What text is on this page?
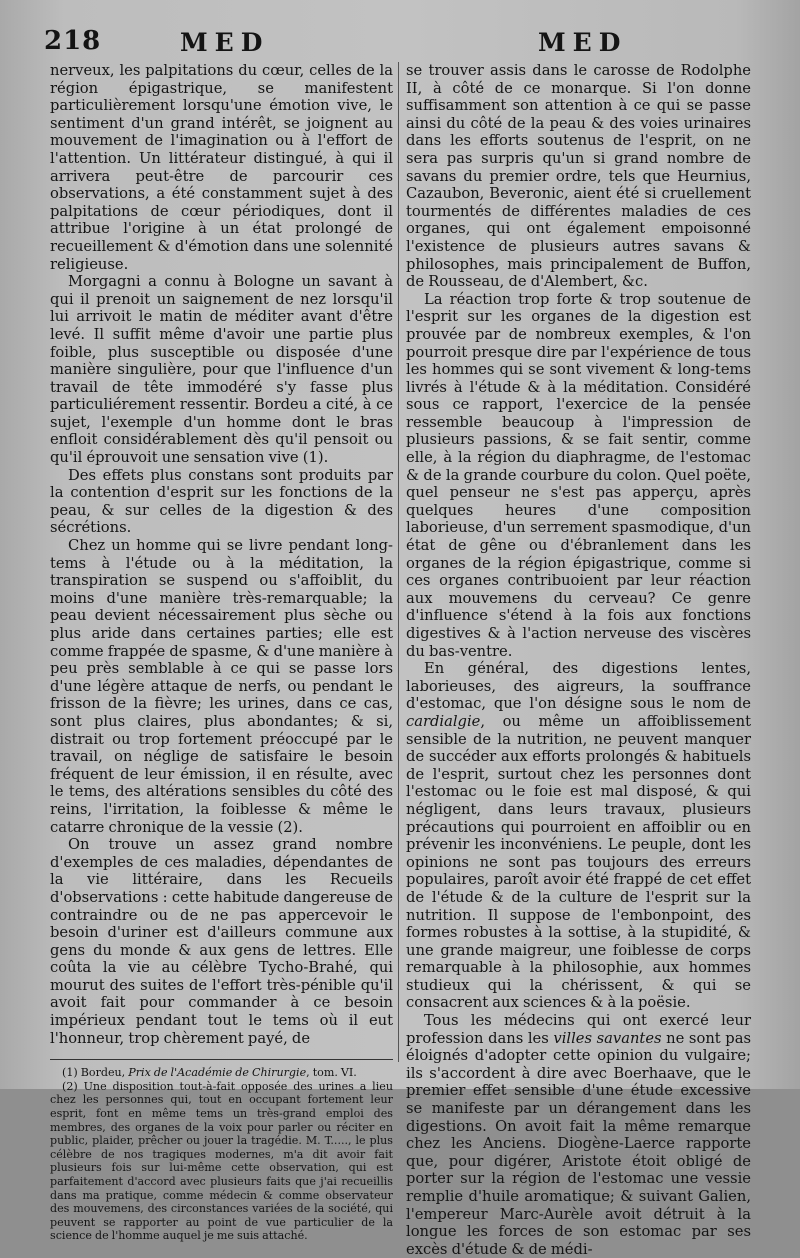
218	MED	MED

nerveux, les palpitations du cœur, celles de la région épigastrique, se manifestent particulièrement lorsqu'une émotion vive, le sentiment d'un grand intérêt, se joignent au mouvement de l'imagination ou à l'effort de l'attention. Un littérateur distingué, à qui il arrivera peut-être de parcourir ces observations, a été constamment sujet à des palpitations de cœur périodiques, dont il attribue l'origine à un état prolongé de recueillement & d'émotion dans une solennité religieuse.

Morgagni a connu à Bologne un savant à qui il prenoit un saignement de nez lorsqu'il lui arrivoit le matin de méditer avant d'être levé. Il suffit même d'avoir une partie plus foible, plus susceptible ou disposée d'une manière singulière, pour que l'influence d'un travail de tête immodéré s'y fasse plus particuliérement ressentir. Bordeu a cité, à ce sujet, l'exemple d'un homme dont le bras enfloit considérablement dès qu'il pensoit ou qu'il éprouvoit une sensation vive (1).

Des effets plus constans sont produits par la contention d'esprit sur les fonctions de la peau, & sur celles de la digestion & des sécrétions.

Chez un homme qui se livre pendant long-tems à l'étude ou à la méditation, la transpiration se suspend ou s'affoiblit, du moins d'une manière très-remarquable; la peau devient nécessairement plus sèche ou plus aride dans certaines parties; elle est comme frappée de spasme, & d'une manière à peu près semblable à ce qui se passe lors d'une légère attaque de nerfs, ou pendant le frisson de la fièvre; les urines, dans ce cas, sont plus claires, plus abondantes; & si, distrait ou trop fortement préoccupé par le travail, on néglige de satisfaire le besoin fréquent de leur émission, il en résulte, avec le tems, des altérations sensibles du côté des reins, l'irritation, la foiblesse & même le catarre chronique de la vessie (2).

On trouve un assez grand nombre d'exemples de ces maladies, dépendantes de la vie littéraire, dans les Recueils d'observations : cette habitude dangereuse de contraindre ou de ne pas appercevoir le besoin d'uriner est d'ailleurs commune aux gens du monde & aux gens de lettres. Elle coûta la vie au célèbre Tycho-Brahé, qui mourut des suites de l'effort très-pénible qu'il avoit fait pour commander à ce besoin impérieux pendant tout le tems où il eut l'honneur, trop chèrement payé, de

(1) Bordeu, Prix de l'Académie de Chirurgie, tom. VI.

(2) Une disposition tout-à-fait opposée des urines a lieu chez les personnes qui, tout en occupant fortement leur esprit, font en même tems un très-grand emploi des membres, des organes de la voix pour parler ou réciter en public, plaider, prêcher ou jouer la tragédie. M. T....., le plus célèbre de nos tragiques modernes, m'a dit avoir fait plusieurs fois sur lui-même cette observation, qui est parfaitement d'accord avec plusieurs faits que j'ai recueillis dans ma pratique, comme médecin & comme observateur des mouvemens, des circonstances variées de la société, qui peuvent se rapporter au point de vue particulier de la science de l'homme auquel je me suis attaché.

se trouver assis dans le carosse de Rodolphe II, à côté de ce monarque. Si l'on donne suffisamment son attention à ce qui se passe ainsi du côté de la peau & des voies urinaires dans les efforts soutenus de l'esprit, on ne sera pas surpris qu'un si grand nombre de savans du premier ordre, tels que Heurnius, Cazaubon, Beveronic, aient été si cruellement tourmentés de différentes maladies de ces organes, qui ont également empoisonné l'existence de plusieurs autres savans & philosophes, mais principalement de Buffon, de Rousseau, de d'Alembert, &c.

La réaction trop forte & trop soutenue de l'esprit sur les organes de la digestion est prouvée par de nombreux exemples, & l'on pourroit presque dire par l'expérience de tous les hommes qui se sont vivement & long-tems livrés à l'étude & à la méditation. Considéré sous ce rapport, l'exercice de la pensée ressemble beaucoup à l'impression de plusieurs passions, & se fait sentir, comme elle, à la région du diaphragme, de l'estomac & de la grande courbure du colon. Quel poëte, quel penseur ne s'est pas apperçu, après quelques heures d'une composition laborieuse, d'un serrement spasmodique, d'un état de gêne ou d'ébranlement dans les organes de la région épigastrique, comme si ces organes contribuoient par leur réaction aux mouvemens du cerveau? Ce genre d'influence s'étend à la fois aux fonctions digestives & à l'action nerveuse des viscères du bas-ventre.

En général, des digestions lentes, laborieuses, des aigreurs, la souffrance d'estomac, que l'on désigne sous le nom de cardialgie, ou même un affoiblissement sensible de la nutrition, ne peuvent manquer de succéder aux efforts prolongés & habituels de l'esprit, surtout chez les personnes dont l'estomac ou le foie est mal disposé, & qui négligent, dans leurs travaux, plusieurs précautions qui pourroient en affoiblir ou en prévenir les inconvéniens. Le peuple, dont les opinions ne sont pas toujours des erreurs populaires, paroît avoir été frappé de cet effet de l'étude & de la culture de l'esprit sur la nutrition. Il suppose de l'embonpoint, des formes robustes à la sottise, à la stupidité, & une grande maigreur, une foiblesse de corps remarquable à la philosophie, aux hommes studieux qui la chérissent, & qui se consacrent aux sciences & à la poësie.

Tous les médecins qui ont exercé leur profession dans les villes savantes ne sont pas éloignés d'adopter cette opinion du vulgaire; ils s'accordent à dire avec Boerhaave, que le premier effet sensible d'une étude excessive se manifeste par un dérangement dans les digestions. On avoit fait la même remarque chez les Anciens. Diogène-Laerce rapporte que, pour digérer, Aristote étoit obligé de porter sur la région de l'estomac une vessie remplie d'huile aromatique; & suivant Galien, l'empereur Marc-Aurèle avoit détruit à la longue les forces de son estomac par ses excès d'étude & de médi-
